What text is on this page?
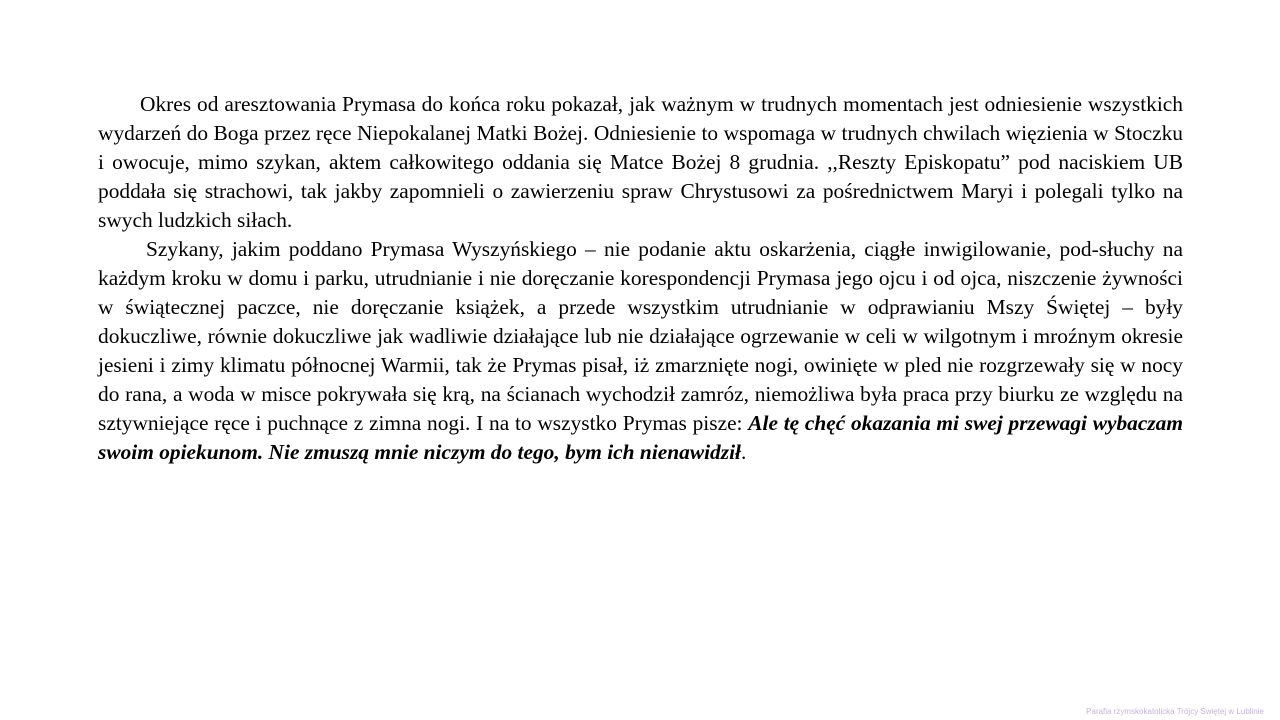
Okres od aresztowania Prymasa do końca roku pokazał, jak ważnym w trudnych momentach jest odniesienie wszystkich wydarzeń do Boga przez ręce Niepokalanej Matki Bożej. Odniesienie to wspomaga w trudnych chwilach więzienia w Stoczku i owocuje, mimo szykan, aktem całkowitego oddania się Matce Bożej 8 grudnia. ,,Reszty Episkopatu” pod naciskiem UB poddała się strachowi, tak jakby zapomnieli o zawierzeniu spraw Chrystusowi za pośrednictwem Maryi i polegali tylko na swych ludzkich siłach.

Szykany, jakim poddano Prymasa Wyszyńskiego – nie podanie aktu oskarżenia, ciągłe inwigilowanie, pod-słuchy na każdym kroku w domu i parku, utrudnianie i nie doręczanie korespondencji Prymasa jego ojcu i od ojca, niszczenie żywności w świątecznej paczce, nie doręczanie książek, a przede wszystkim utrudnianie w odprawianiu Mszy Świętej – były dokuczliwe, równie dokuczliwe jak wadliwie działające lub nie działające ogrzewanie w celi w wilgotnym i mroźnym okresie jesieni i zimy klimatu północnej Warmii, tak że Prymas pisał, iż zmarznięte nogi, owinięte w pled nie rozgrzewały się w nocy do rana, a woda w misce pokrywała się krą, na ścianach wychodził zamróz, niemożliwa była praca przy biurku ze względu na sztywniejące ręce i puchnące z zimna nogi. I na to wszystko Prymas pisze: Ale tę chęć okazania mi swej przewagi wybaczam swoim opiekunom. Nie zmuszą mnie niczym do tego, bym ich nienawidził.

Parafia rzymskokatolicka Trójcy Świętej w Lublinie
